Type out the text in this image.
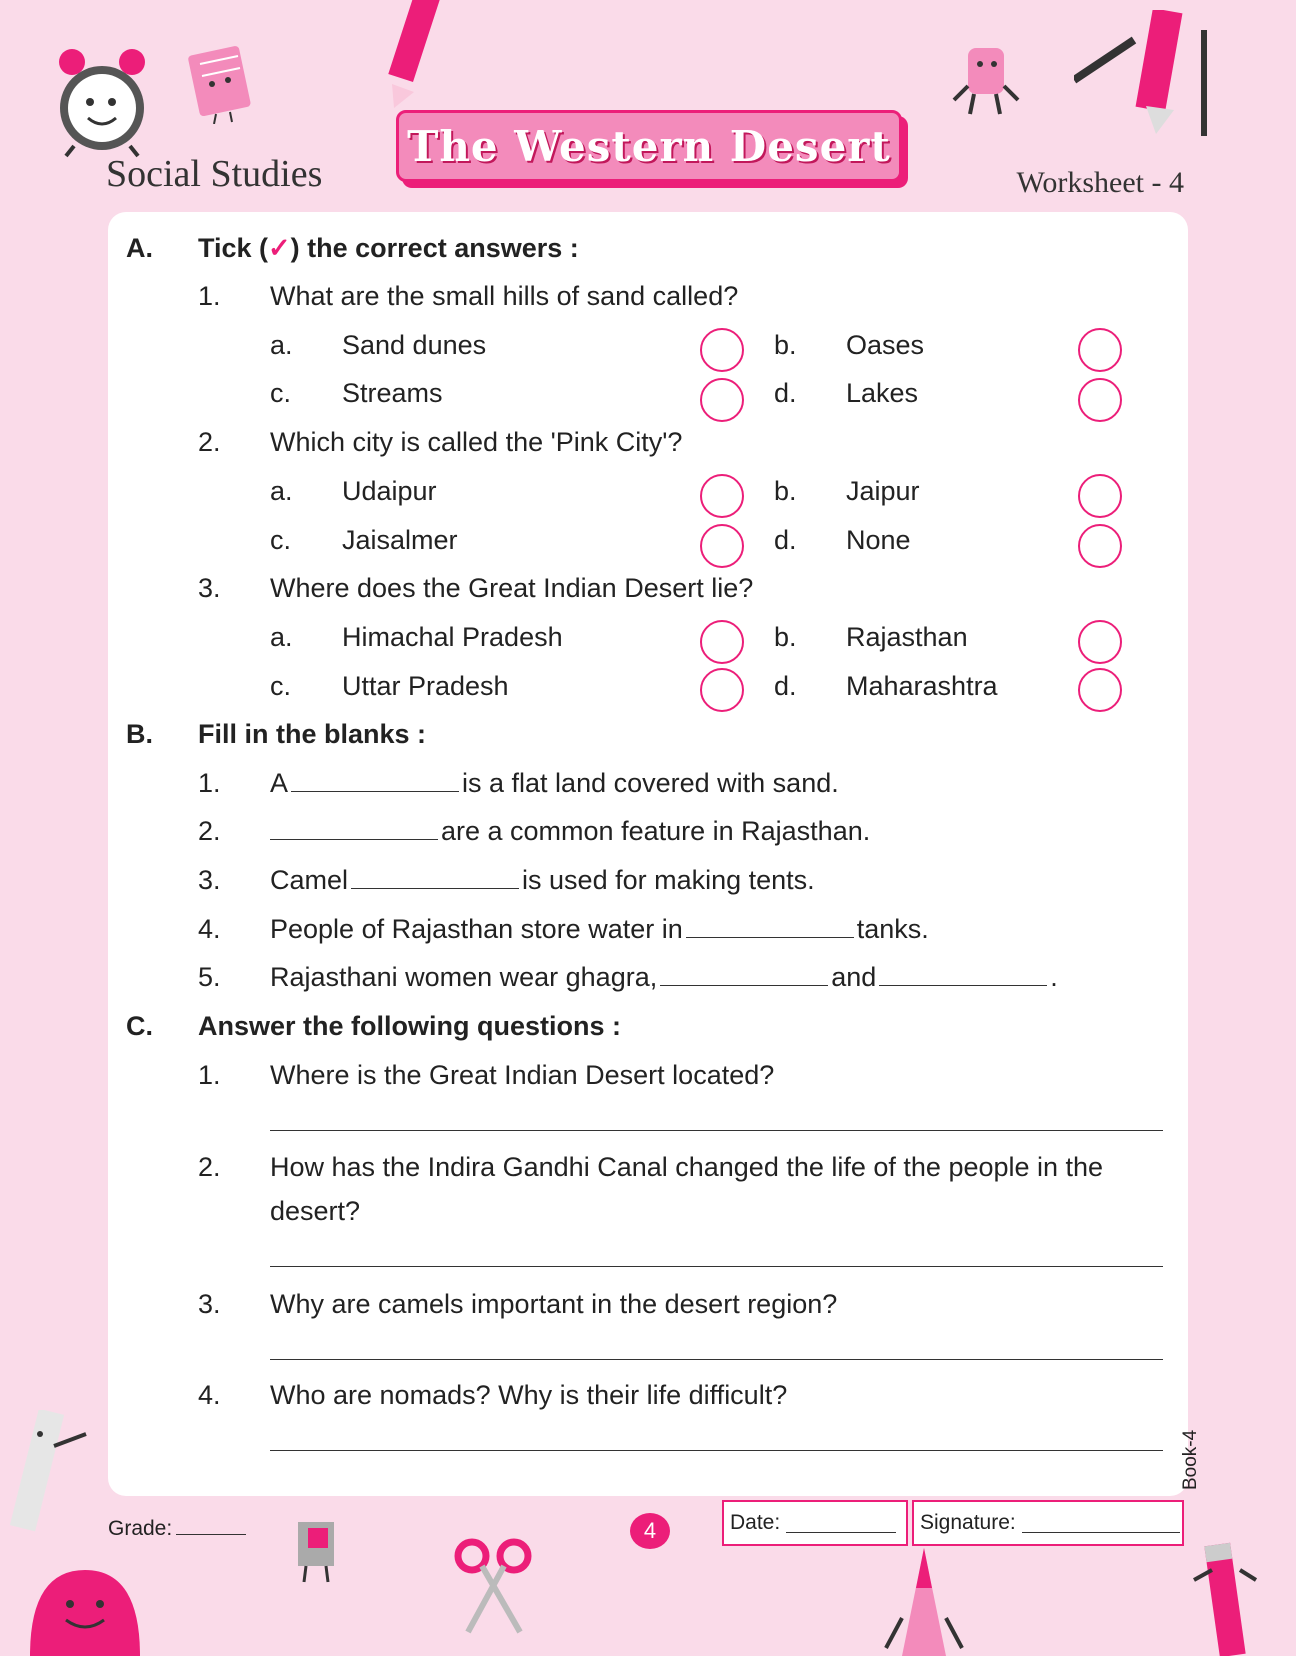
Social Studies
The Western Desert
Worksheet - 4
A. Tick (✓) the correct answers :
1. What are the small hills of sand called?
a. Sand dunes	b. Oases
c. Streams	d. Lakes
2. Which city is called the 'Pink City'?
a. Udaipur	b. Jaipur
c. Jaisalmer	d. None
3. Where does the Great Indian Desert lie?
a. Himachal Pradesh	b. Rajasthan
c. Uttar Pradesh	d. Maharashtra
B. Fill in the blanks :
1. A	is a flat land covered with sand.
2.	are a common feature in Rajasthan.
3. Camel	is used for making tents.
4. People of Rajasthan store water in	tanks.
5. Rajasthani women wear ghagra,	and	.
C. Answer the following questions :
1. Where is the Great Indian Desert located?
2. How has the Indira Gandhi Canal changed the life of the people in the
desert?
3. Why are camels important in the desert region?
4. Who are nomads? Why is their life difficult?
Book-4
Grade:	4	Date:	Signature:
